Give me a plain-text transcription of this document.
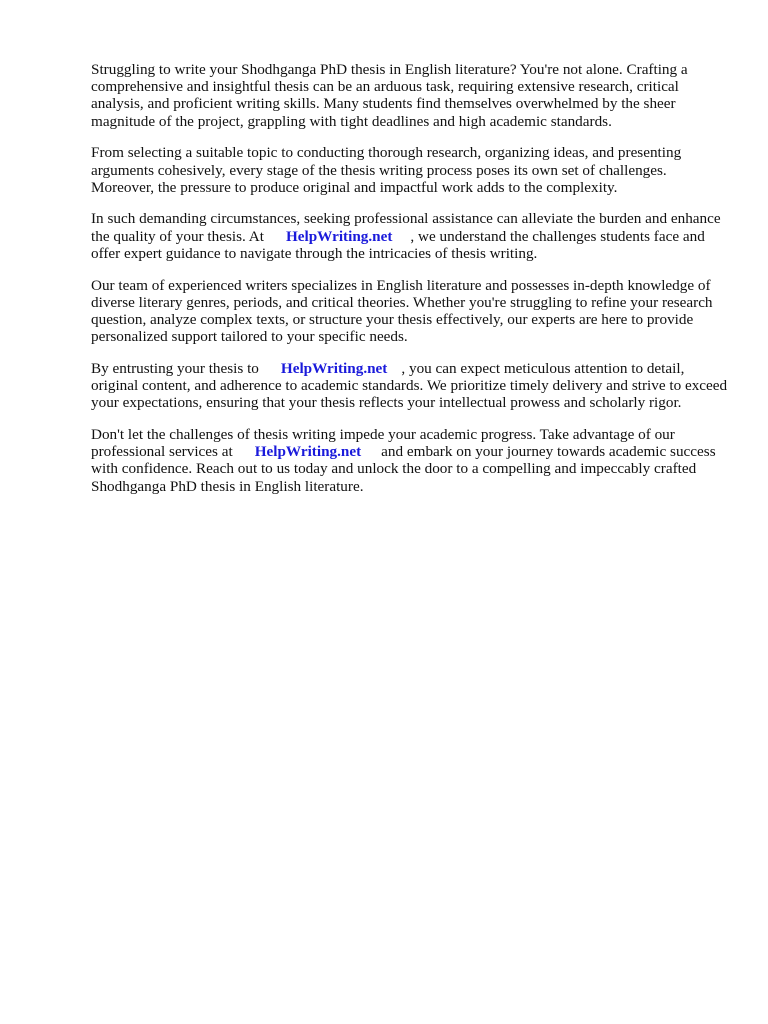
Struggling to write your Shodhganga PhD thesis in English literature? You're not alone. Crafting a comprehensive and insightful thesis can be an arduous task, requiring extensive research, critical analysis, and proficient writing skills. Many students find themselves overwhelmed by the sheer magnitude of the project, grappling with tight deadlines and high academic standards.

From selecting a suitable topic to conducting thorough research, organizing ideas, and presenting arguments cohesively, every stage of the thesis writing process poses its own set of challenges. Moreover, the pressure to produce original and impactful work adds to the complexity.

In such demanding circumstances, seeking professional assistance can alleviate the burden and enhance the quality of your thesis. At HelpWriting.net , we understand the challenges students face and offer expert guidance to navigate through the intricacies of thesis writing.

Our team of experienced writers specializes in English literature and possesses in-depth knowledge of diverse literary genres, periods, and critical theories. Whether you're struggling to refine your research question, analyze complex texts, or structure your thesis effectively, our experts are here to provide personalized support tailored to your specific needs.

By entrusting your thesis to HelpWriting.net , you can expect meticulous attention to detail, original content, and adherence to academic standards. We prioritize timely delivery and strive to exceed your expectations, ensuring that your thesis reflects your intellectual prowess and scholarly rigor.

Don't let the challenges of thesis writing impede your academic progress. Take advantage of our professional services at HelpWriting.net and embark on your journey towards academic success with confidence. Reach out to us today and unlock the door to a compelling and impeccably crafted Shodhganga PhD thesis in English literature.
